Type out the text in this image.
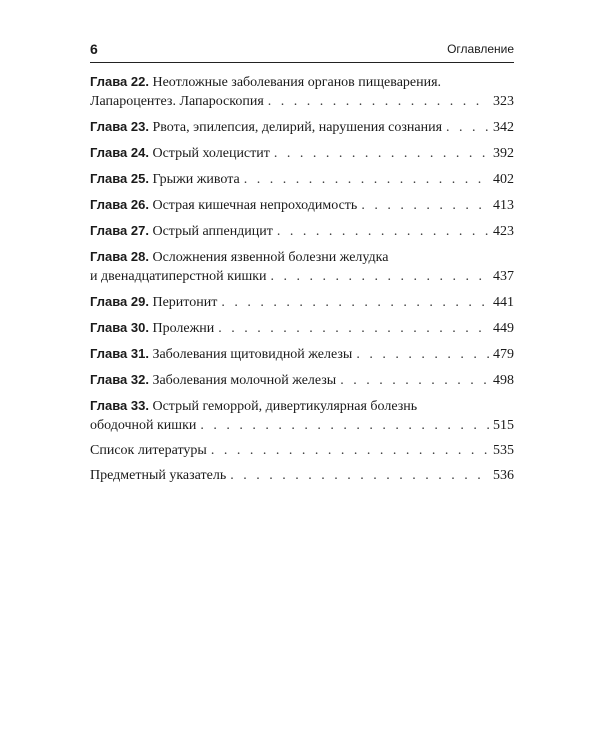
6	Оглавление
Глава 22. Неотложные заболевания органов пищеварения.
Лапароцентез. Лапароскопия . . .	323
Глава 23. Рвота, эпилепсия, делирий, нарушения сознания . . .	342
Глава 24. Острый холецистит . . .	392
Глава 25. Грыжи живота . . .	402
Глава 26. Острая кишечная непроходимость . . .	413
Глава 27. Острый аппендицит . . .	423
Глава 28. Осложнения язвенной болезни желудка
и двенадцатиперстной кишки . . .	437
Глава 29. Перитонит . . .	441
Глава 30. Пролежни . . .	449
Глава 31. Заболевания щитовидной железы . . .	479
Глава 32. Заболевания молочной железы . . .	498
Глава 33. Острый геморрой, дивертикулярная болезнь
ободочной кишки . . .	515
Список литературы . . .	535
Предметный указатель . . .	536
